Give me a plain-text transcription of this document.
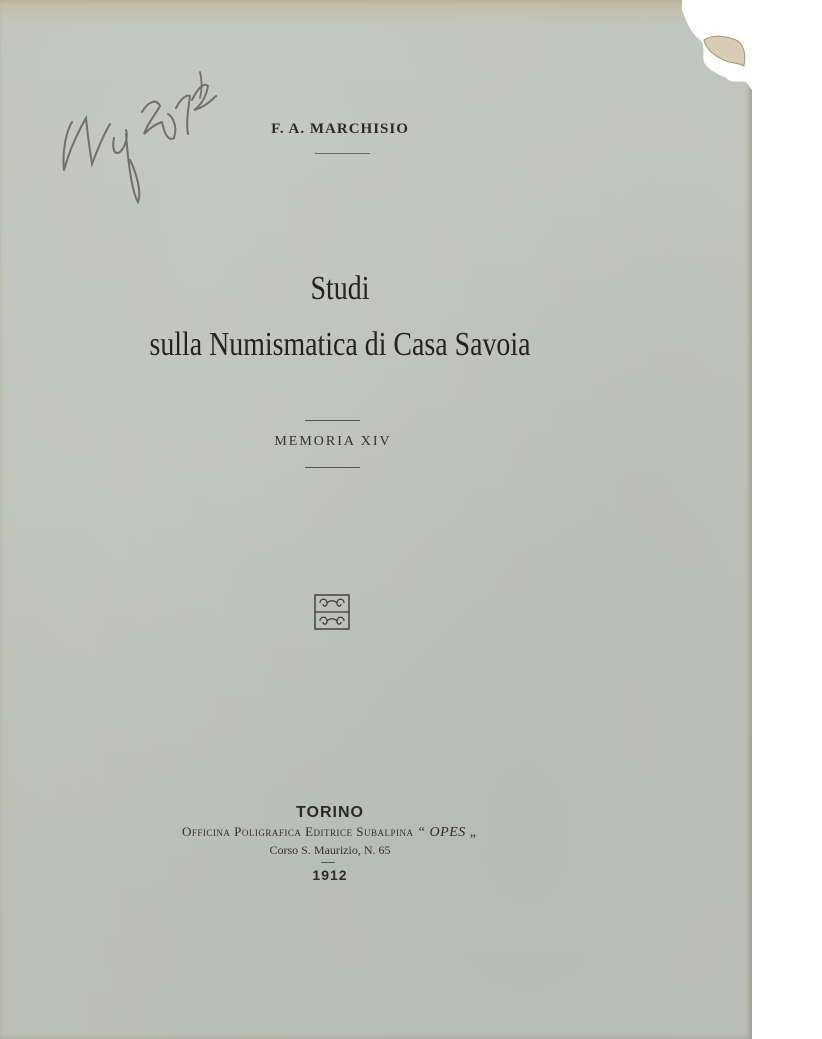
F. A. MARCHISIO
Studi
sulla Numismatica di Casa Savoia
MEMORIA XIV
TORINO
Officina Poligrafica Editrice Subalpina “ OPES „
Corso S. Maurizio, N. 65
1912
